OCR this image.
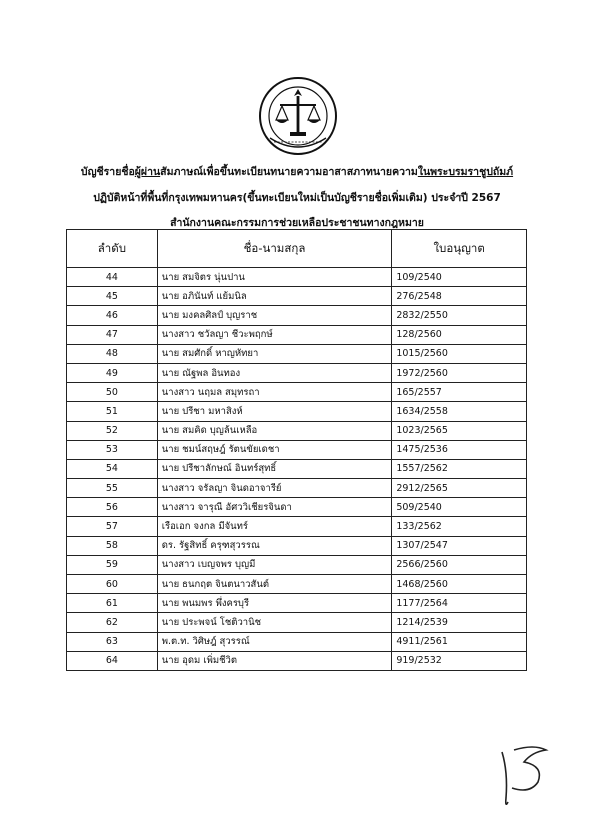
บัญชีรายชื่อผู้ผ่านสัมภาษณ์เพื่อขึ้นทะเบียนทนายความอาสาสภาทนายความในพระบรมราชูปถัมภ์
ปฏิบัติหน้าที่พื้นที่กรุงเทพมหานคร(ขึ้นทะเบียนใหม่เป็นบัญชีรายชื่อเพิ่มเติม) ประจำปี 2567
สำนักงานคณะกรรมการช่วยเหลือประชาชนทางกฎหมาย
ลำดับ	ชื่อ-นามสกุล	ใบอนุญาต
44	นาย สมจิตร นุ่นปาน	109/2540
45	นาย อภินันท์ แย้มนิล	276/2548
46	นาย มงคลศิลป์ บุญราช	2832/2550
47	นางสาว ชวัลญา ชีวะพฤกษ์	128/2560
48	นาย สมศักดิ์ หาญหัทยา	1015/2560
49	นาย ณัฐพล อินทอง	1972/2560
50	นางสาว นฤมล สมุทรถา	165/2557
51	นาย ปรีชา มหาสิงห์	1634/2558
52	นาย สมคิด บุญล้นเหลือ	1023/2565
53	นาย ชมน์สฤษฎ์ รัตนขัยเดชา	1475/2536
54	นาย ปรีชาลักษณ์ อินทร์สุทธิ์	1557/2562
55	นางสาว จรัลญา จินดอาจารีย์	2912/2565
56	นางสาว จารุณี อัศววิเชียรจินดา	509/2540
57	เรือเอก จงกล มีจันทร์	133/2562
58	ดร. รัฐสิทธิ์ ครุฑสุวรรณ	1307/2547
59	นางสาว เบญจพร บุญมี	2566/2560
60	นาย ธนกฤต จินตนาวสันต์	1468/2560
61	นาย พนมพร พึ่งครบุรี	1177/2564
62	นาย ประพจน์ โชติวานิช	1214/2539
63	พ.ต.ท. วิศิษฎ์ สุวรรณ์	4911/2561
64	นาย อุดม เพิ่มชีวิต	919/2532
